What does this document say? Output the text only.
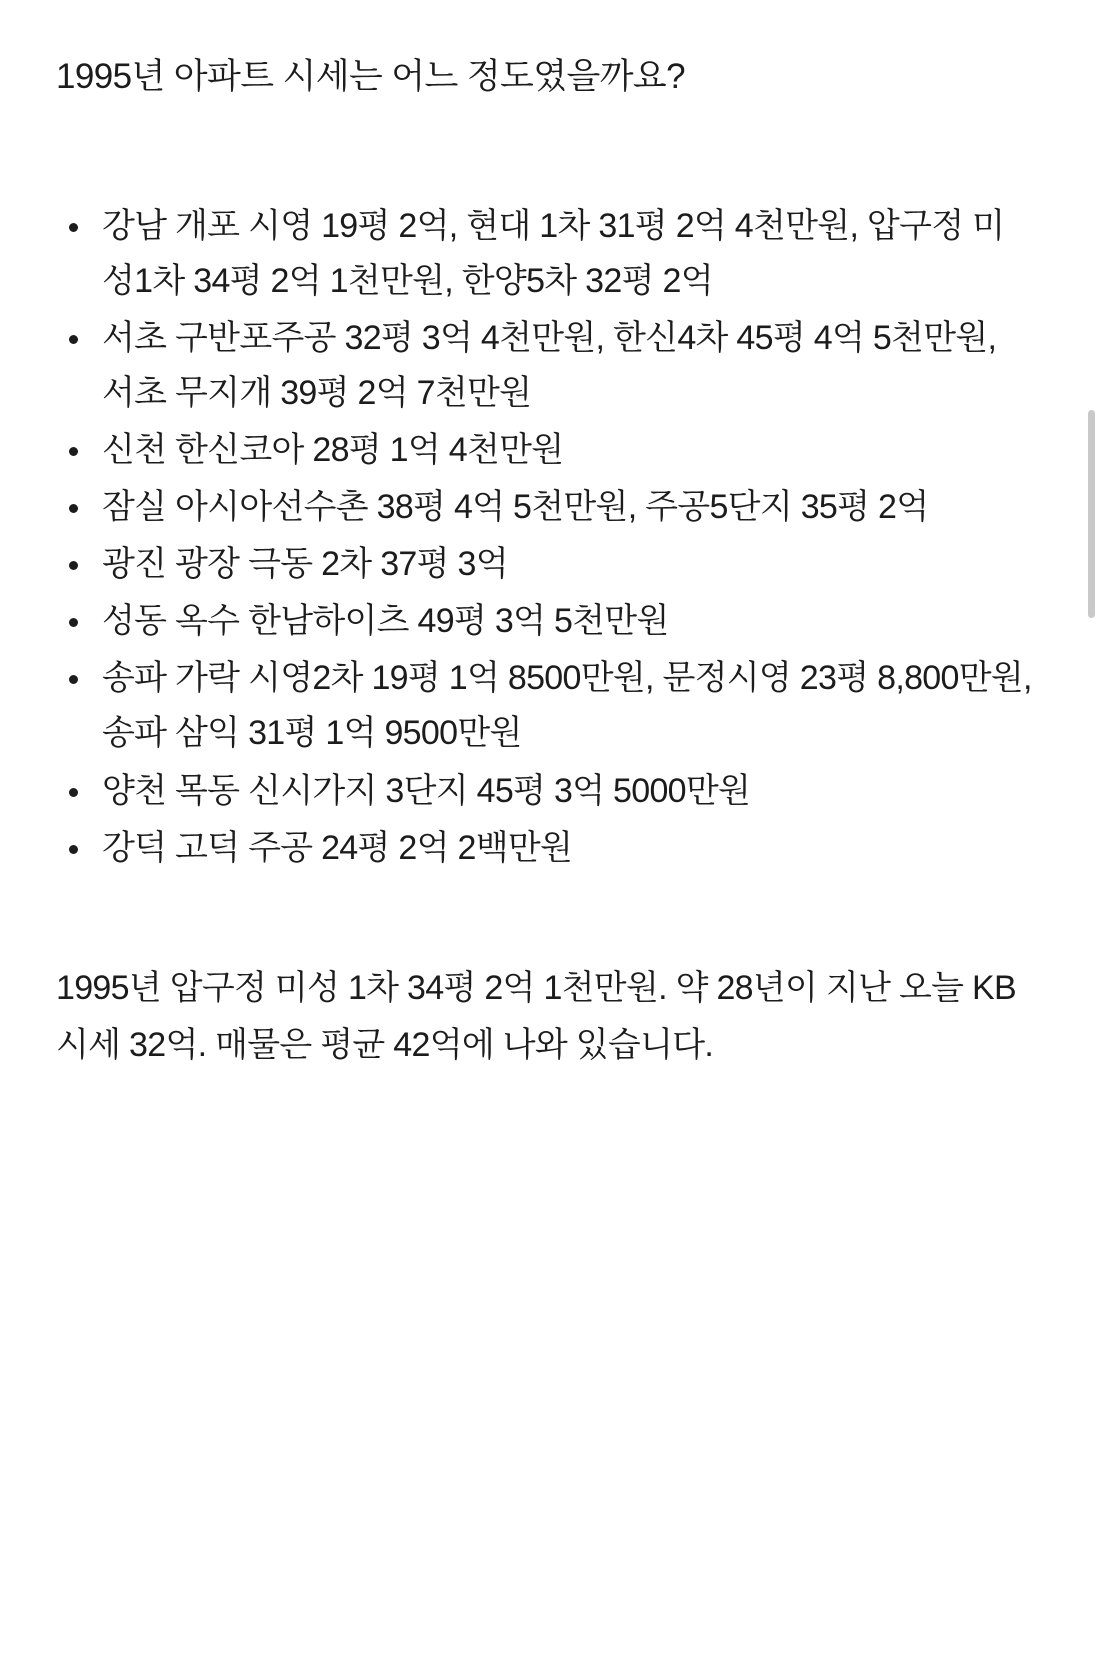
1995년 아파트 시세는 어느 정도였을까요?
강남 개포 시영 19평 2억, 현대 1차 31평 2억 4천만원, 압구정 미성1차 34평 2억 1천만원, 한양5차 32평 2억
서초 구반포주공 32평 3억 4천만원, 한신4차 45평 4억 5천만원, 서초 무지개 39평 2억 7천만원
신천 한신코아 28평 1억 4천만원
잠실 아시아선수촌 38평 4억 5천만원, 주공5단지 35평 2억
광진 광장 극동 2차 37평 3억
성동 옥수 한남하이츠 49평 3억 5천만원
송파 가락 시영2차 19평 1억 8500만원, 문정시영 23평 8,800만원, 송파 삼익 31평 1억 9500만원
양천 목동 신시가지 3단지 45평 3억 5000만원
강덕 고덕 주공 24평 2억 2백만원

1995년 압구정 미성 1차 34평 2억 1천만원. 약 28년이 지난 오늘 KB시세 32억. 매물은 평균 42억에 나와 있습니다.
